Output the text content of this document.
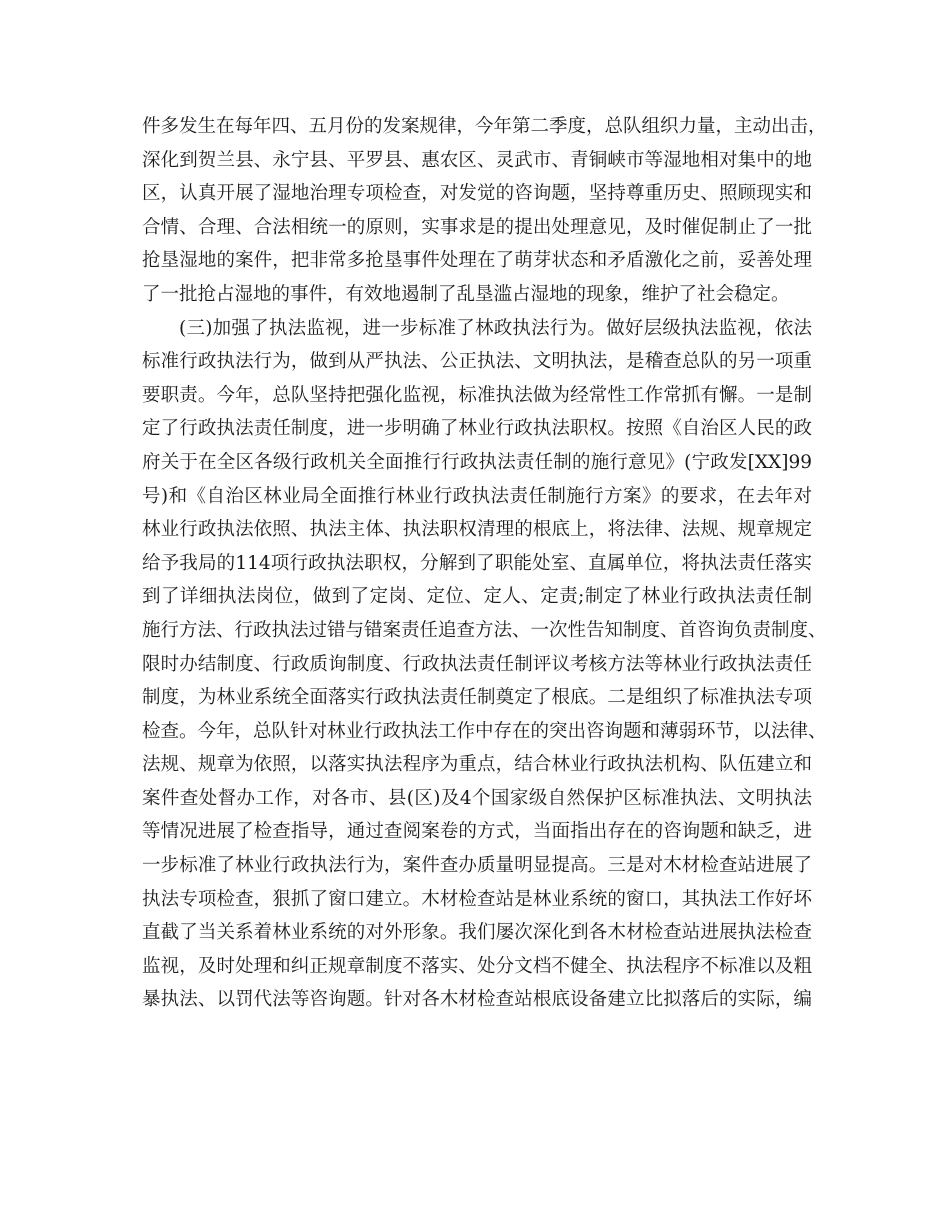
件多发生在每年四、五月份的发案规律，今年第二季度，总队组织力量，主动出击，
深化到贺兰县、永宁县、平罗县、惠农区、灵武市、青铜峡市等湿地相对集中的地
区，认真开展了湿地治理专项检查，对发觉的咨询题，坚持尊重历史、照顾现实和
合情、合理、合法相统一的原则，实事求是的提出处理意见，及时催促制止了一批
抢垦湿地的案件，把非常多抢垦事件处理在了萌芽状态和矛盾激化之前，妥善处理
了一批抢占湿地的事件，有效地遏制了乱垦滥占湿地的现象，维护了社会稳定。
(三)加强了执法监视，进一步标准了林政执法行为。做好层级执法监视，依法
标准行政执法行为，做到从严执法、公正执法、文明执法，是稽查总队的另一项重
要职责。今年，总队坚持把强化监视，标准执法做为经常性工作常抓有懈。一是制
定了行政执法责任制度，进一步明确了林业行政执法职权。按照《自治区人民的政
府关于在全区各级行政机关全面推行行政执法责任制的施行意见》(宁政发[XX]99
号)和《自治区林业局全面推行林业行政执法责任制施行方案》的要求，在去年对
林业行政执法依照、执法主体、执法职权清理的根底上，将法律、法规、规章规定
给予我局的114项行政执法职权，分解到了职能处室、直属单位，将执法责任落实
到了详细执法岗位，做到了定岗、定位、定人、定责;制定了林业行政执法责任制
施行方法、行政执法过错与错案责任追查方法、一次性告知制度、首咨询负责制度、
限时办结制度、行政质询制度、行政执法责任制评议考核方法等林业行政执法责任
制度，为林业系统全面落实行政执法责任制奠定了根底。二是组织了标准执法专项
检查。今年，总队针对林业行政执法工作中存在的突出咨询题和薄弱环节，以法律、
法规、规章为依照，以落实执法程序为重点，结合林业行政执法机构、队伍建立和
案件查处督办工作，对各市、县(区)及4个国家级自然保护区标准执法、文明执法
等情况进展了检查指导，通过查阅案卷的方式，当面指出存在的咨询题和缺乏，进
一步标准了林业行政执法行为，案件查办质量明显提高。三是对木材检查站进展了
执法专项检查，狠抓了窗口建立。木材检查站是林业系统的窗口，其执法工作好坏
直截了当关系着林业系统的对外形象。我们屡次深化到各木材检查站进展执法检查
监视，及时处理和纠正规章制度不落实、处分文档不健全、执法程序不标准以及粗
暴执法、以罚代法等咨询题。针对各木材检查站根底设备建立比拟落后的实际，编
